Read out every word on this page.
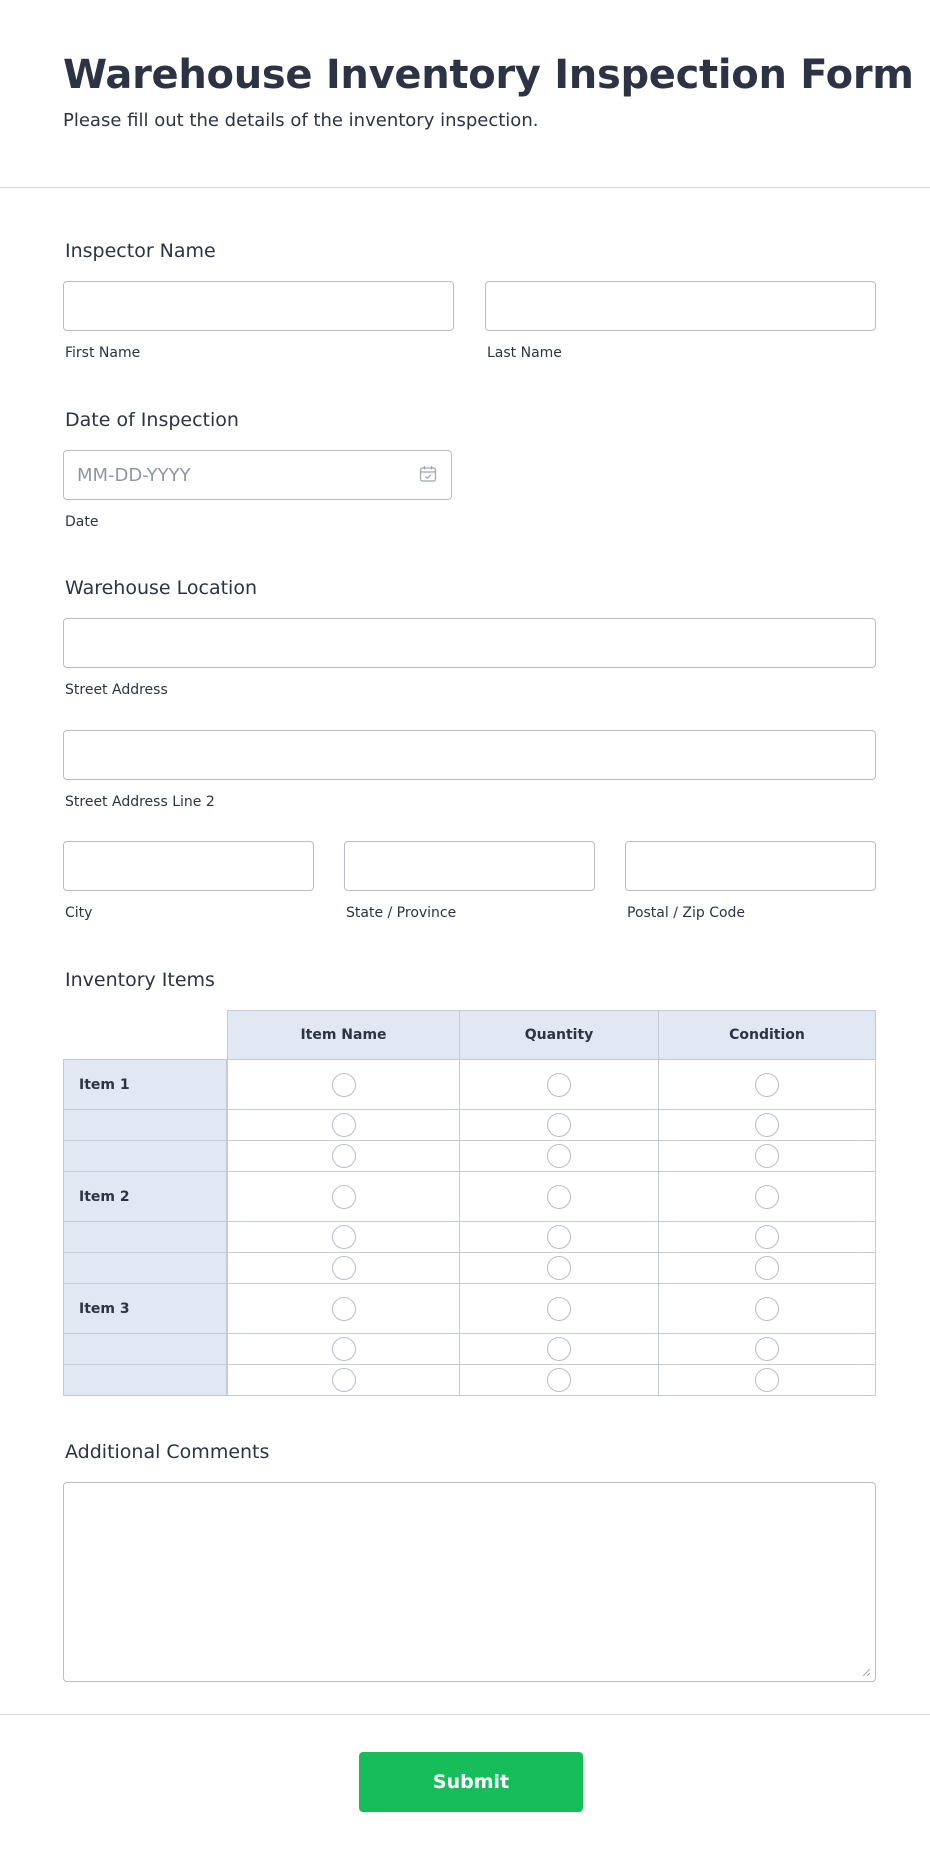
Warehouse Inventory Inspection Form
Please fill out the details of the inventory inspection.
Inspector Name
First Name	Last Name
Date of Inspection
MM-DD-YYYY
Date
Warehouse Location
Street Address
Street Address Line 2
City	State / Province	Postal / Zip Code
Inventory Items
Item Name	Quantity	Condition
Item 1
Item 2
Item 3
Additional Comments
Submit
